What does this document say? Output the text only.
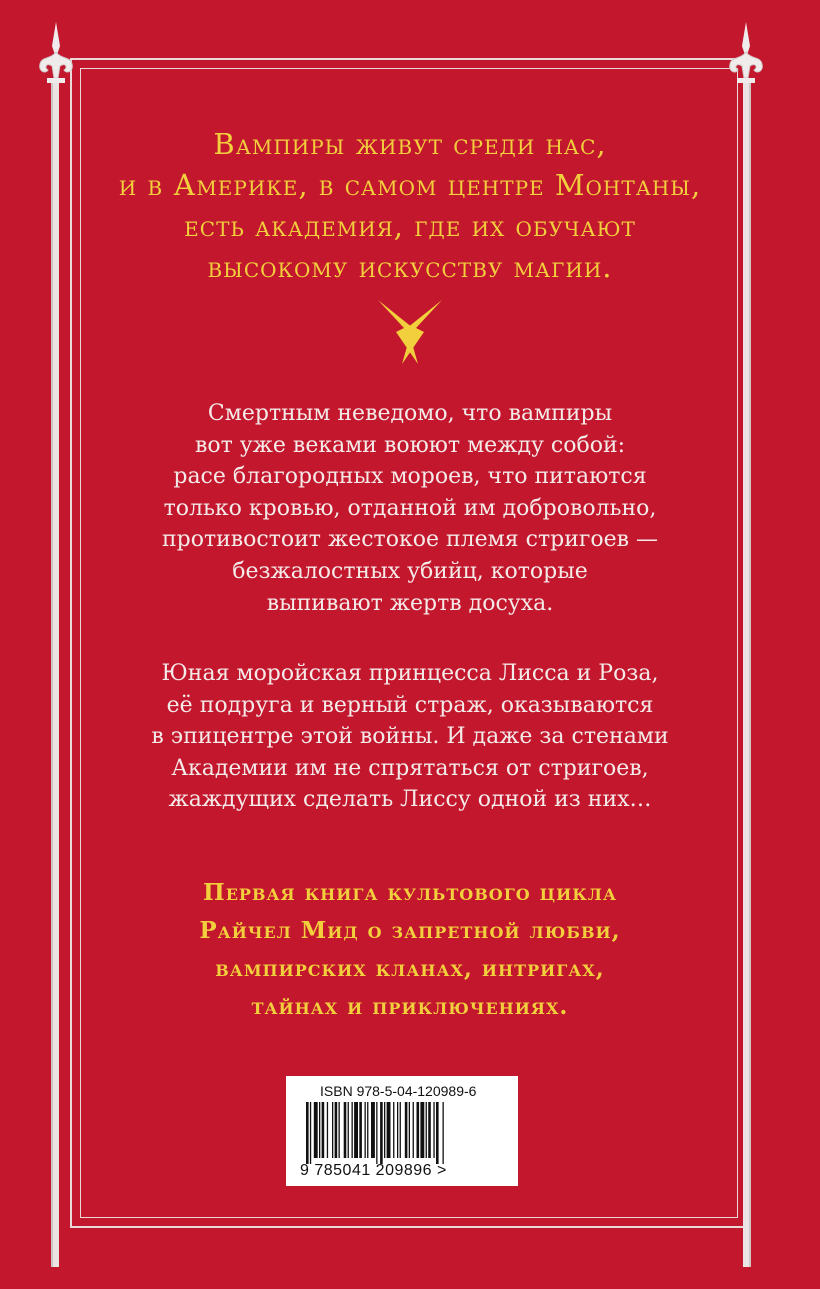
Вампиры живут среди нас,
и в Америке, в самом центре Монтаны,
есть академия, где их обучают
высокому искусству магии.
Смертным неведомо, что вампиры
вот уже веками воюют между собой:
расе благородных мороев, что питаются
только кровью, отданной им добровольно,
противостоит жестокое племя стригоев —
безжалостных убийц, которые
выпивают жертв досуха.
Юная моройская принцесса Лисса и Роза,
её подруга и верный страж, оказываются
в эпицентре этой войны. И даже за стенами
Академии им не спрятаться от стригоев,
жаждущих сделать Лиссу одной из них…
Первая книга культового цикла
Райчел Мид о запретной любви,
вампирских кланах, интригах,
тайнах и приключениях.
ISBN 978-5-04-120989-6
9 785041 209896 >
